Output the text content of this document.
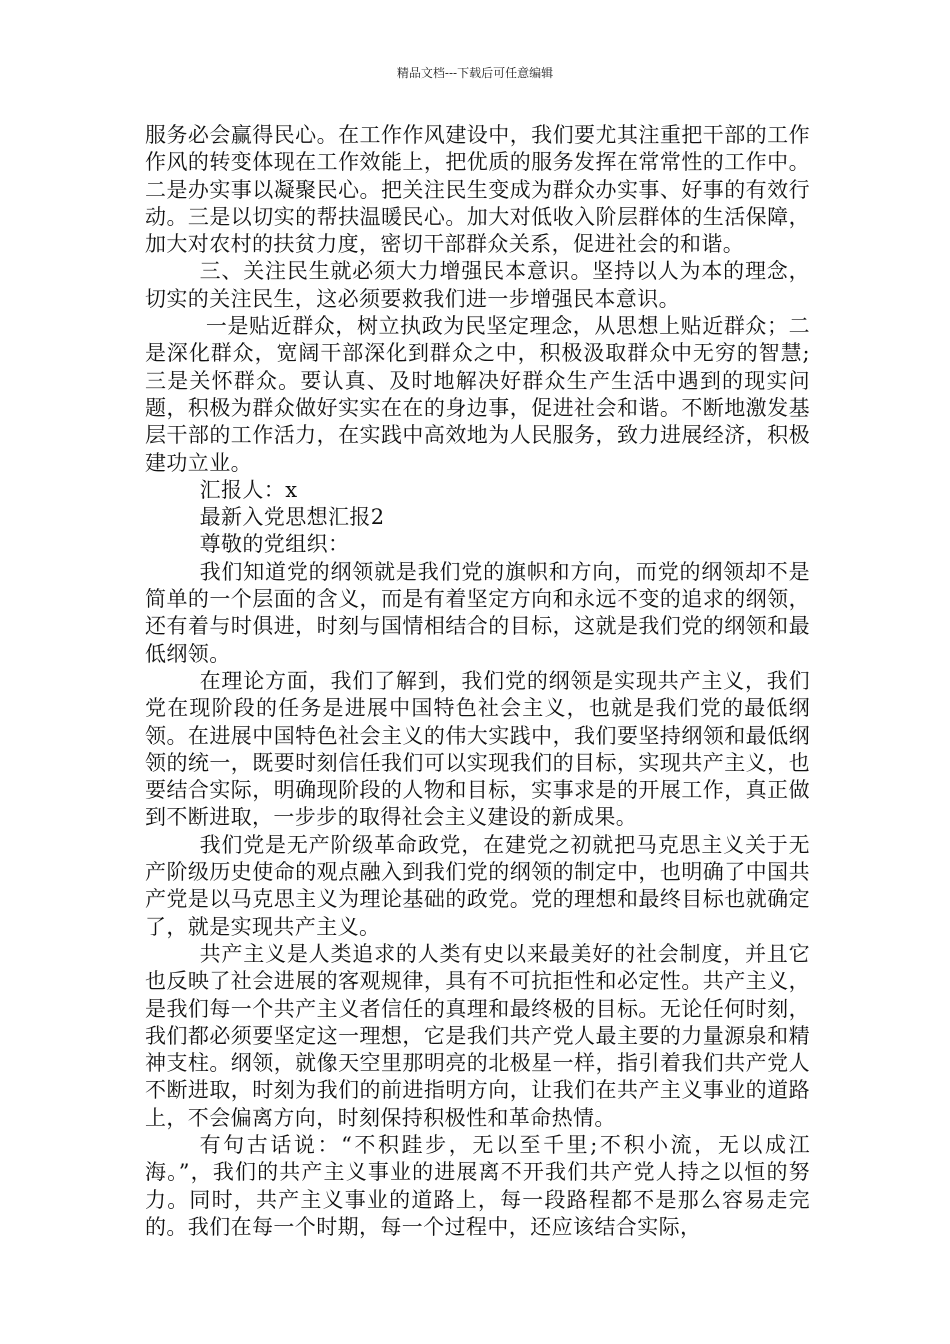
精品文档---下载后可任意编辑

服务必会赢得民心。在工作作风建设中，我们要尤其注重把干部的工作作风的转变体现在工作效能上，把优质的服务发挥在常常性的工作中。二是办实事以凝聚民心。把关注民生变成为群众办实事、好事的有效行动。三是以切实的帮扶温暖民心。加大对低收入阶层群体的生活保障，加大对农村的扶贫力度，密切干部群众关系，促进社会的和谐。

三、关注民生就必须大力增强民本意识。坚持以人为本的理念，切实的关注民生，这必须要救我们进一步增强民本意识。

一是贴近群众，树立执政为民坚定理念，从思想上贴近群众；二是深化群众，宽阔干部深化到群众之中，积极汲取群众中无穷的智慧;三是关怀群众。要认真、及时地解决好群众生产生活中遇到的现实问题，积极为群众做好实实在在的身边事，促进社会和谐。不断地激发基层干部的工作活力，在实践中高效地为人民服务，致力进展经济，积极建功立业。

汇报人：x

最新入党思想汇报2

尊敬的党组织：

我们知道党的纲领就是我们党的旗帜和方向，而党的纲领却不是简单的一个层面的含义，而是有着坚定方向和永远不变的追求的纲领，还有着与时俱进，时刻与国情相结合的目标，这就是我们党的纲领和最低纲领。

在理论方面，我们了解到，我们党的纲领是实现共产主义，我们党在现阶段的任务是进展中国特色社会主义，也就是我们党的最低纲领。在进展中国特色社会主义的伟大实践中，我们要坚持纲领和最低纲领的统一，既要时刻信任我们可以实现我们的目标，实现共产主义，也要结合实际，明确现阶段的人物和目标，实事求是的开展工作，真正做到不断进取，一步步的取得社会主义建设的新成果。

我们党是无产阶级革命政党，在建党之初就把马克思主义关于无产阶级历史使命的观点融入到我们党的纲领的制定中，也明确了中国共产党是以马克思主义为理论基础的政党。党的理想和最终目标也就确定了，就是实现共产主义。

共产主义是人类追求的人类有史以来最美好的社会制度，并且它也反映了社会进展的客观规律，具有不可抗拒性和必定性。共产主义，是我们每一个共产主义者信任的真理和最终极的目标。无论任何时刻，我们都必须要坚定这一理想，它是我们共产党人最主要的力量源泉和精神支柱。纲领，就像天空里那明亮的北极星一样，指引着我们共产党人不断进取，时刻为我们的前进指明方向，让我们在共产主义事业的道路上，不会偏离方向，时刻保持积极性和革命热情。

有句古话说：“不积跬步，无以至千里;不积小流，无以成江海。”，我们的共产主义事业的进展离不开我们共产党人持之以恒的努力。同时，共产主义事业的道路上，每一段路程都不是那么容易走完的。我们在每一个时期，每一个过程中，还应该结合实际，
